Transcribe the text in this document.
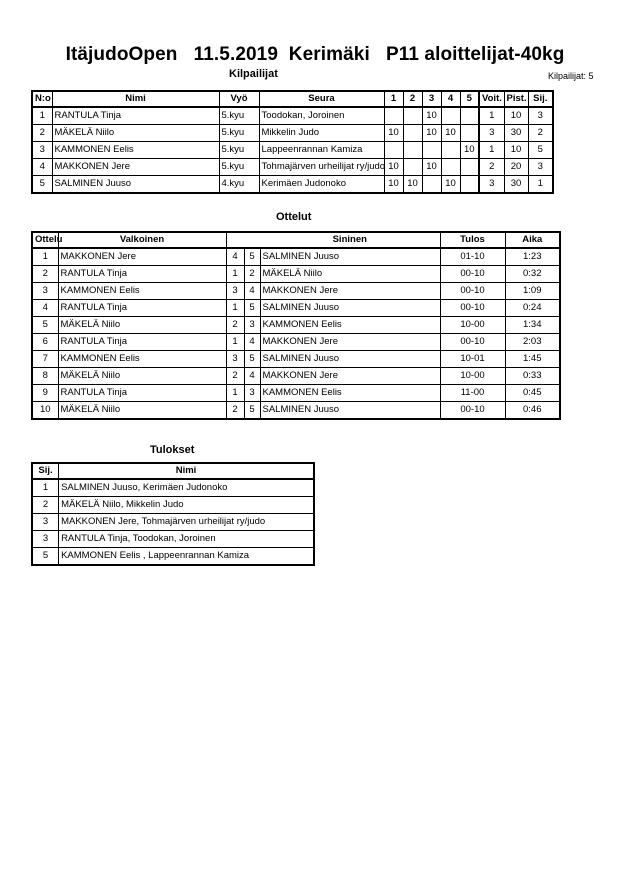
ItäjudoOpen   11.5.2019  Kerimäki   P11 aloittelijat-40kg
Kilpailijat	Kilpailijat: 5
N:o	Nimi	Vyö	Seura	1	2	3	4	5	Voit.	Pist.	Sij.
1	RANTULA Tinja	5.kyu	Toodokan, Joroinen			10			1	10	3
2	MÄKELÄ Niilo	5.kyu	Mikkelin Judo	10		10	10		3	30	2
3	KAMMONEN Eelis	5.kyu	Lappeenrannan Kamiza					10	1	10	5
4	MAKKONEN Jere	5.kyu	Tohmajärven urheilijat ry/judo	10		10			2	20	3
5	SALMINEN Juuso	4.kyu	Kerimäen Judonoko	10	10		10		3	30	1
Ottelut
Ottelu	Valkoinen			Sininen	Tulos	Aika
1	MAKKONEN Jere	4	5	SALMINEN Juuso	01-10	1:23
2	RANTULA Tinja	1	2	MÄKELÄ Niilo	00-10	0:32
3	KAMMONEN Eelis	3	4	MAKKONEN Jere	00-10	1:09
4	RANTULA Tinja	1	5	SALMINEN Juuso	00-10	0:24
5	MÄKELÄ Niilo	2	3	KAMMONEN Eelis	10-00	1:34
6	RANTULA Tinja	1	4	MAKKONEN Jere	00-10	2:03
7	KAMMONEN Eelis	3	5	SALMINEN Juuso	10-01	1:45
8	MÄKELÄ Niilo	2	4	MAKKONEN Jere	10-00	0:33
9	RANTULA Tinja	1	3	KAMMONEN Eelis	11-00	0:45
10	MÄKELÄ Niilo	2	5	SALMINEN Juuso	00-10	0:46
Tulokset
Sij.	Nimi
1	SALMINEN Juuso, Kerimäen Judonoko
2	MÄKELÄ Niilo, Mikkelin Judo
3	MAKKONEN Jere, Tohmajärven urheilijat ry/judo
3	RANTULA Tinja, Toodokan, Joroinen
5	KAMMONEN Eelis , Lappeenrannan Kamiza
